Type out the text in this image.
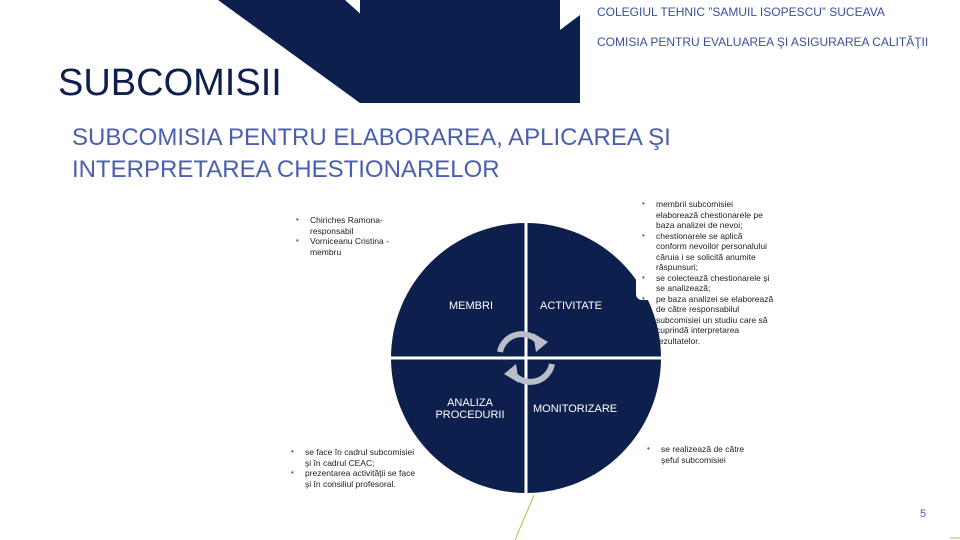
COLEGIUL TEHNIC ”SAMUIL ISOPESCU” SUCEAVA
COMISIA PENTRU EVALUAREA ŞI ASIGURAREA CALITĂŢII
SUBCOMISII
SUBCOMISIA PENTRU ELABORAREA, APLICAREA ŞI INTERPRETAREA CHESTIONARELOR
MEMBRI	ACTIVITATE
ANALIZA PROCEDURII	MONITORIZARE
• Chiriches Ramona- responsabil
• Vorniceanu Cristina - membru
• membrii subcomisiei elaborează chestionarele pe baza analizei de nevoi;
• chestionarele se aplică conform nevoilor personalului căruia i se solicită anumite răspunsuri;
• se colectează chestionarele şi se analizează;
• pe baza analizei se elaborează de către responsabilul subcomisiei un studiu care să cuprindă interpretarea rezultatelor.
• se face în cadrul subcomisiei şi în cadrul CEAC;
• prezentarea activităţii se face şi în consiliul profesoral.
• se realizează de către şeful subcomisiei
5
